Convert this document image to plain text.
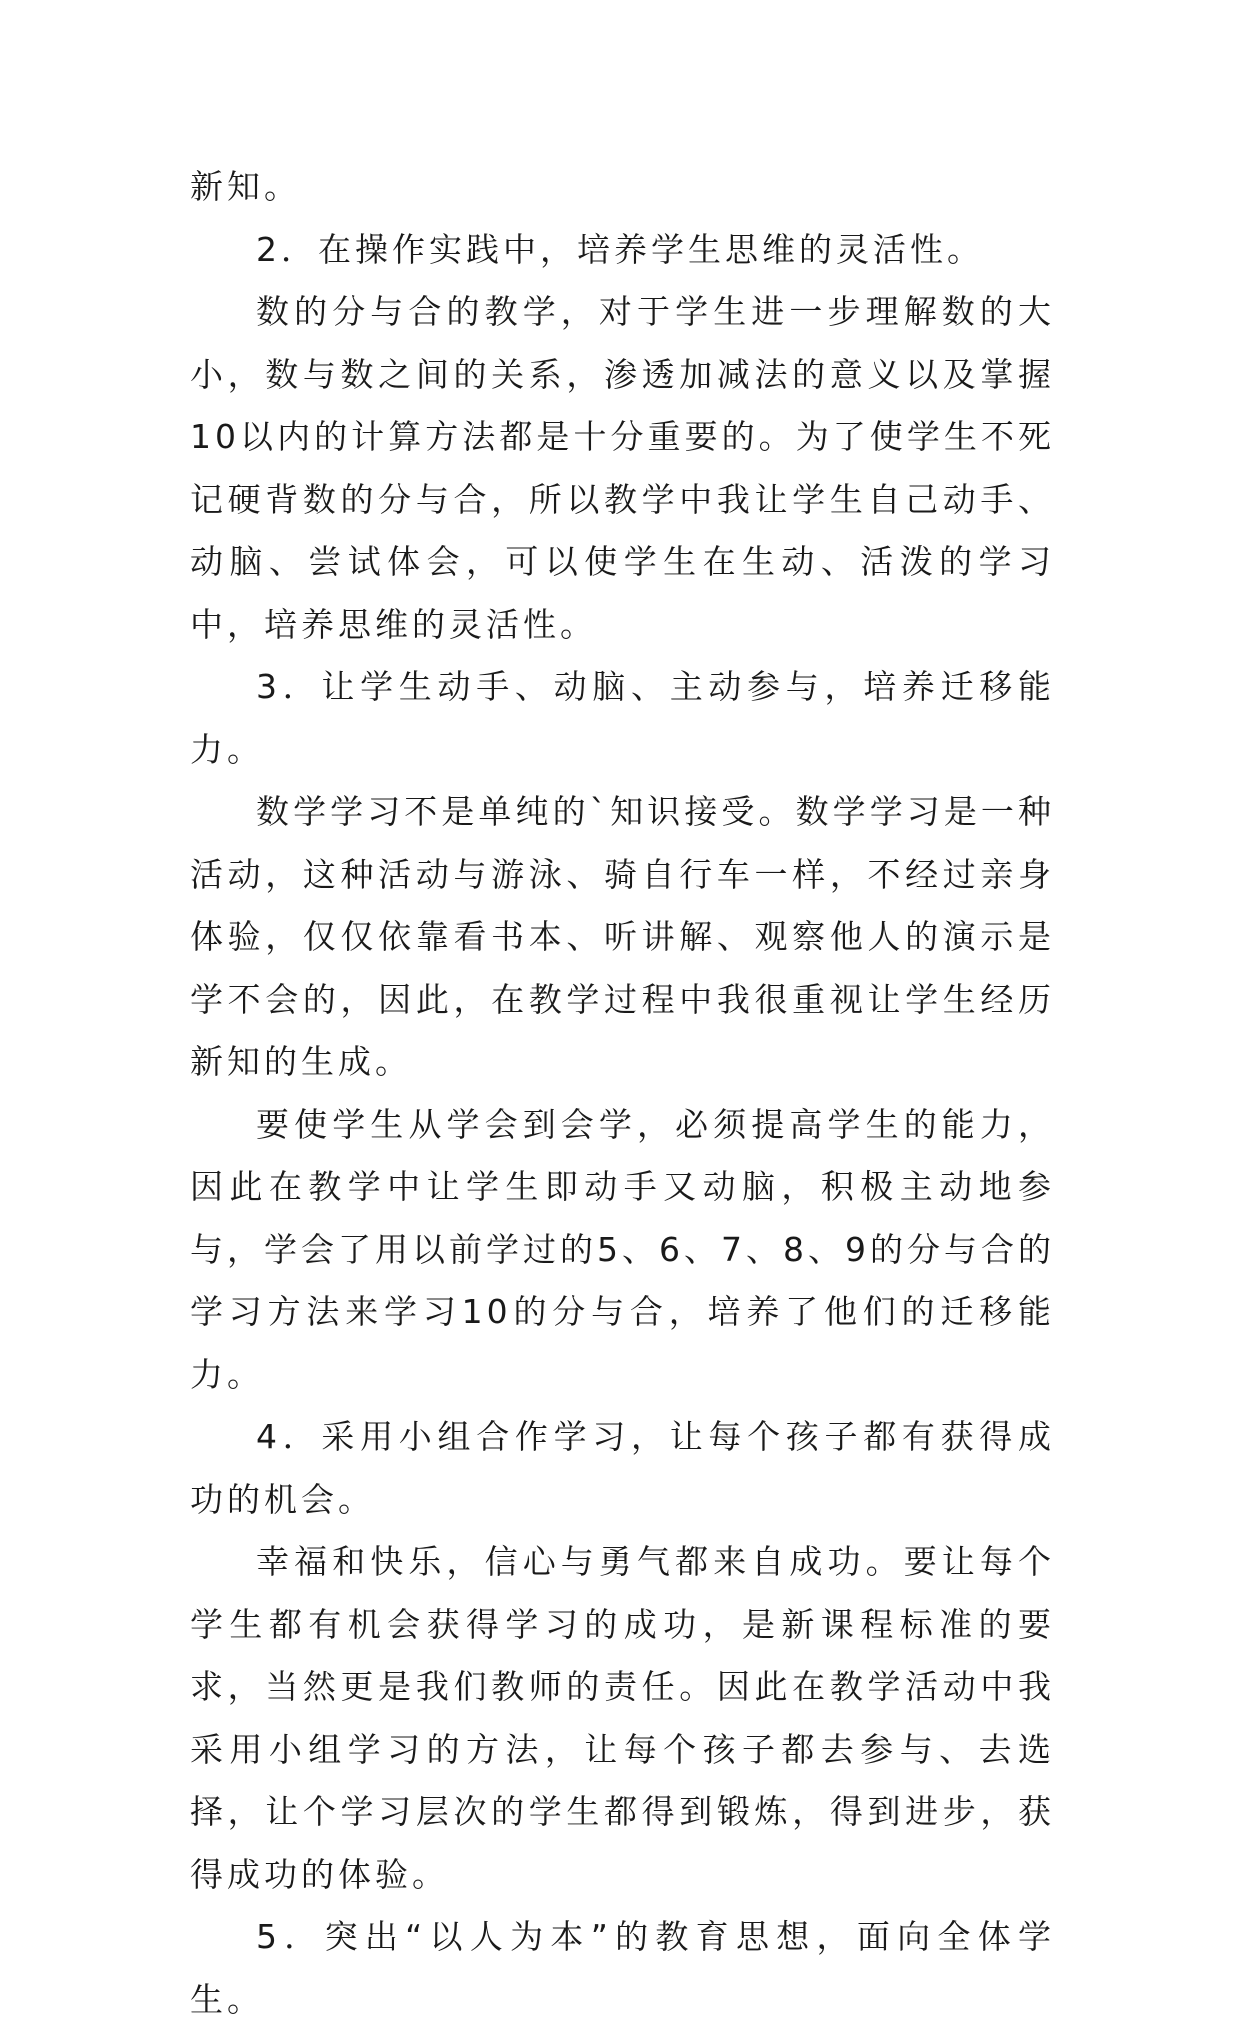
新知。

2．在操作实践中，培养学生思维的灵活性。

数的分与合的教学，对于学生进一步理解数的大小，数与数之间的关系，渗透加减法的意义以及掌握10以内的计算方法都是十分重要的。为了使学生不死记硬背数的分与合，所以教学中我让学生自己动手、动脑、尝试体会，可以使学生在生动、活泼的学习中，培养思维的灵活性。

3．让学生动手、动脑、主动参与，培养迁移能力。

数学学习不是单纯的`知识接受。数学学习是一种活动，这种活动与游泳、骑自行车一样，不经过亲身体验，仅仅依靠看书本、听讲解、观察他人的演示是学不会的，因此，在教学过程中我很重视让学生经历新知的生成。

要使学生从学会到会学，必须提高学生的能力，因此在教学中让学生即动手又动脑，积极主动地参与，学会了用以前学过的5、6、7、8、9的分与合的学习方法来学习10的分与合，培养了他们的迁移能力。

4．采用小组合作学习，让每个孩子都有获得成功的机会。

幸福和快乐，信心与勇气都来自成功。要让每个学生都有机会获得学习的成功，是新课程标准的要求，当然更是我们教师的责任。因此在教学活动中我采用小组学习的方法，让每个孩子都去参与、去选择，让个学习层次的学生都得到锻炼，得到进步，获得成功的体验。

5．突出“以人为本”的教育思想，面向全体学生。
